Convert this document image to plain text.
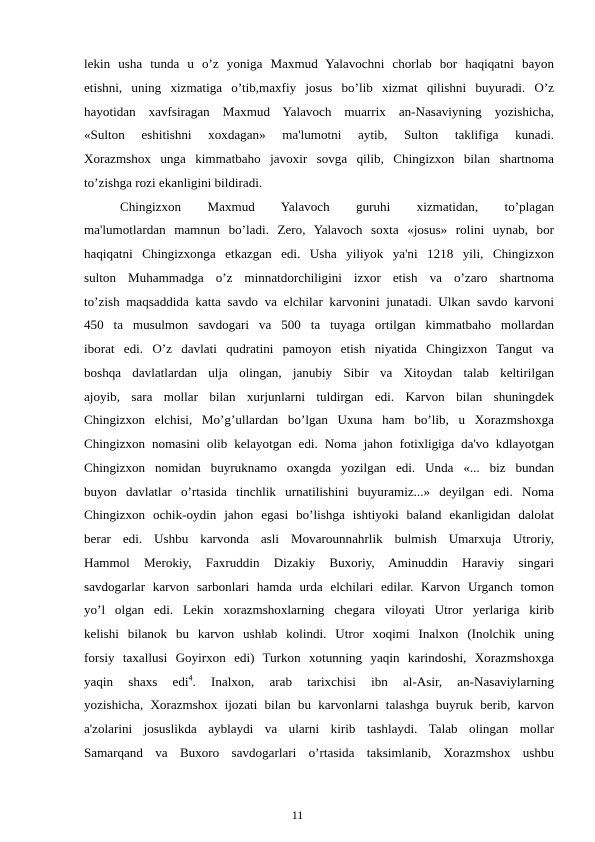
lekin usha tunda u o’z yoniga Maxmud Yalavochni chorlab bor haqiqatni bayon
etishni, uning xizmatiga o’tib,maxfiy josus bo’lib xizmat qilishni buyuradi. O’z
hayotidan xavfsiragan Maxmud Yalavoch muarrix an-Nasaviyning yozishicha,
«Sulton eshitishni xoxdagan» ma'lumotni aytib, Sulton taklifiga kunadi.
Xorazmshox unga kimmatbaho javoxir sovga qilib, Chingizxon bilan shartnoma
to’zishga rozi ekanligini bildiradi.
Chingizxon Maxmud Yalavoch guruhi xizmatidan, to’plagan
ma'lumotlardan mamnun bo’ladi. Zero, Yalavoch soxta «josus» rolini uynab, bor
haqiqatni Chingizxonga etkazgan edi. Usha yiliyok ya'ni 1218 yili, Chingizxon
sulton Muhammadga o’z minnatdorchiligini izxor etish va o’zaro shartnoma
to’zish maqsaddida katta savdo va elchilar karvonini junatadi. Ulkan savdo karvoni
450 ta musulmon savdogari va 500 ta tuyaga ortilgan kimmatbaho mollardan
iborat edi. O’z davlati qudratini pamoyon etish niyatida Chingizxon Tangut va
boshqa davlatlardan ulja olingan, janubiy Sibir va Xitoydan talab keltirilgan
ajoyib, sara mollar bilan xurjunlarni tuldirgan edi. Karvon bilan shuningdek
Chingizxon elchisi, Mo’g’ullardan bo’lgan Uxuna ham bo’lib, u Xorazmshoxga
Chingizxon nomasini olib kelayotgan edi. Noma jahon fotixligiga da'vo kdlayotgan
Chingizxon nomidan buyruknamo oxangda yozilgan edi. Unda «... biz bundan
buyon davlatlar o’rtasida tinchlik urnatilishini buyuramiz...» deyilgan edi. Noma
Chingizxon ochik-oydin jahon egasi bo’lishga ishtiyoki baland ekanligidan dalolat
berar edi. Ushbu karvonda asli Movarounnahrlik bulmish Umarxuja Utroriy,
Hammol Merokiy, Faxruddin Dizakiy Buxoriy, Aminuddin Haraviy singari
savdogarlar karvon sarbonlari hamda urda elchilari edilar. Karvon Urganch tomon
yo’l olgan edi. Lekin xorazmshoxlarning chegara viloyati Utror yerlariga kirib
kelishi bilanok bu karvon ushlab kolindi. Utror xoqimi Inalxon (Inolchik uning
forsiy taxallusi Goyirxon edi) Turkon xotunning yaqin karindoshi, Xorazmshoxga
yaqin shaxs edi$^4$. Inalxon, arab tarixchisi ibn al-Asir, an-Nasaviylarning
yozishicha, Xorazmshox ijozati bilan bu karvonlarni talashga buyruk berib, karvon
a'zolarini josuslikda ayblaydi va ularni kirib tashlaydi. Talab olingan mollar
Samarqand va Buxoro savdogarlari o’rtasida taksimlanib, Xorazmshox ushbu
11
